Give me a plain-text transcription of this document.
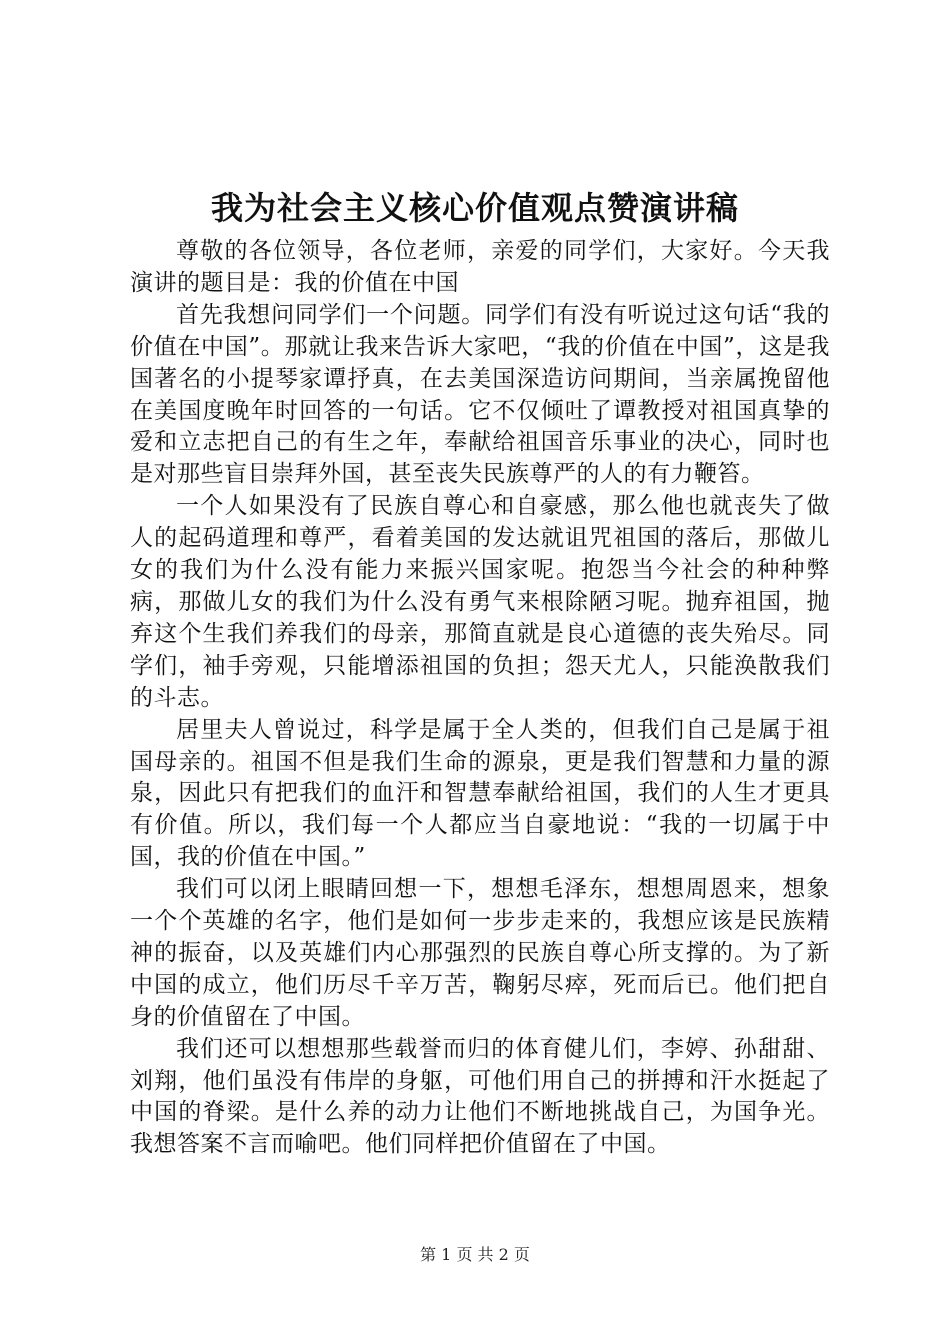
我为社会主义核心价值观点赞演讲稿

尊敬的各位领导，各位老师，亲爱的同学们，大家好。今天我演讲的题目是：我的价值在中国

首先我想问同学们一个问题。同学们有没有听说过这句话“我的价值在中国”。那就让我来告诉大家吧，“我的价值在中国”，这是我国著名的小提琴家谭抒真，在去美国深造访问期间，当亲属挽留他在美国度晚年时回答的一句话。它不仅倾吐了谭教授对祖国真挚的爱和立志把自己的有生之年，奉献给祖国音乐事业的决心，同时也是对那些盲目崇拜外国，甚至丧失民族尊严的人的有力鞭笞。

一个人如果没有了民族自尊心和自豪感，那么他也就丧失了做人的起码道理和尊严，看着美国的发达就诅咒祖国的落后，那做儿女的我们为什么没有能力来振兴国家呢。抱怨当今社会的种种弊病，那做儿女的我们为什么没有勇气来根除陋习呢。抛弃祖国，抛弃这个生我们养我们的母亲，那简直就是良心道德的丧失殆尽。同学们，袖手旁观，只能增添祖国的负担；怨天尤人，只能涣散我们的斗志。

居里夫人曾说过，科学是属于全人类的，但我们自己是属于祖国母亲的。祖国不但是我们生命的源泉，更是我们智慧和力量的源泉，因此只有把我们的血汗和智慧奉献给祖国，我们的人生才更具有价值。所以，我们每一个人都应当自豪地说：“我的一切属于中国，我的价值在中国。”

我们可以闭上眼睛回想一下，想想毛泽东，想想周恩来，想象一个个英雄的名字，他们是如何一步步走来的，我想应该是民族精神的振奋，以及英雄们内心那强烈的民族自尊心所支撑的。为了新中国的成立，他们历尽千辛万苦，鞠躬尽瘁，死而后已。他们把自身的价值留在了中国。

我们还可以想想那些载誉而归的体育健儿们，李婷、孙甜甜、刘翔，他们虽没有伟岸的身躯，可他们用自己的拼搏和汗水挺起了中国的脊梁。是什么养的动力让他们不断地挑战自己，为国争光。我想答案不言而喻吧。他们同样把价值留在了中国。

第 1 页 共 2 页
